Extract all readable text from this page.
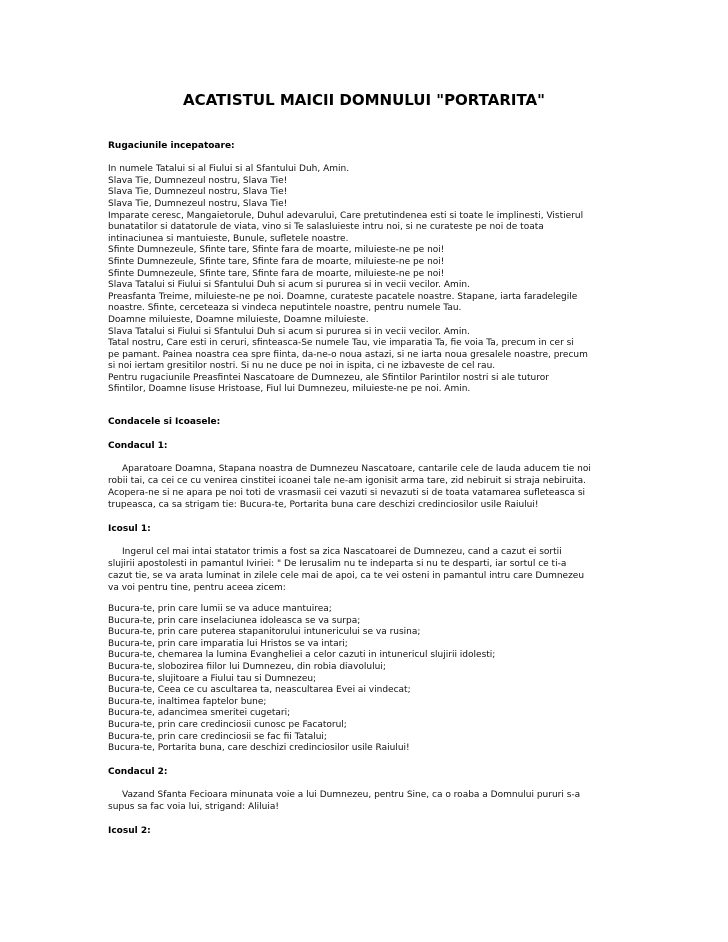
ACATISTUL MAICII DOMNULUI "PORTARITA"
Rugaciunile incepatoare:
In numele Tatalui si al Fiului si al Sfantului Duh, Amin.
Slava Tie, Dumnezeul nostru, Slava Tie!
Slava Tie, Dumnezeul nostru, Slava Tie!
Slava Tie, Dumnezeul nostru, Slava Tie!
Imparate ceresc, Mangaietorule, Duhul adevarului, Care pretutindenea esti si toate le implinesti, Vistierul
bunatatilor si datatorule de viata, vino si Te salasluieste intru noi, si ne curateste pe noi de toata
intinaciunea si mantuieste, Bunule, sufletele noastre.
Sfinte Dumnezeule, Sfinte tare, Sfinte fara de moarte, miluieste-ne pe noi!
Sfinte Dumnezeule, Sfinte tare, Sfinte fara de moarte, miluieste-ne pe noi!
Sfinte Dumnezeule, Sfinte tare, Sfinte fara de moarte, miluieste-ne pe noi!
Slava Tatalui si Fiului si Sfantului Duh si acum si pururea si in vecii vecilor. Amin.
Preasfanta Treime, miluieste-ne pe noi. Doamne, curateste pacatele noastre. Stapane, iarta faradelegile
noastre. Sfinte, cerceteaza si vindeca neputintele noastre, pentru numele Tau.
Doamne miluieste, Doamne miluieste, Doamne miluieste.
Slava Tatalui si Fiului si Sfantului Duh si acum si pururea si in vecii vecilor. Amin.
Tatal nostru, Care esti in ceruri, sfinteasca-Se numele Tau, vie imparatia Ta, fie voia Ta, precum in cer si
pe pamant. Painea noastra cea spre fiinta, da-ne-o noua astazi, si ne iarta noua gresalele noastre, precum
si noi iertam gresitilor nostri. Si nu ne duce pe noi in ispita, ci ne izbaveste de cel rau.
Pentru rugaciunile Preasfintei Nascatoare de Dumnezeu, ale Sfintilor Parintilor nostri si ale tuturor
Sfintilor, Doamne Iisuse Hristoase, Fiul lui Dumnezeu, miluieste-ne pe noi. Amin.
Condacele si Icoasele:
Condacul 1:
Aparatoare Doamna, Stapana noastra de Dumnezeu Nascatoare, cantarile cele de lauda aducem tie noi
robii tai, ca cei ce cu venirea cinstitei icoanei tale ne-am igonisit arma tare, zid nebiruit si straja nebiruita.
Acopera-ne si ne apara pe noi toti de vrasmasii cei vazuti si nevazuti si de toata vatamarea sufleteasca si
trupeasca, ca sa strigam tie: Bucura-te, Portarita buna care deschizi credinciosilor usile Raiului!
Icosul 1:
Ingerul cel mai intai statator trimis a fost sa zica Nascatoarei de Dumnezeu, cand a cazut ei sortii
slujirii apostolesti in pamantul Iviriei: " De Ierusalim nu te indeparta si nu te desparti, iar sortul ce ti-a
cazut tie, se va arata luminat in zilele cele mai de apoi, ca te vei osteni in pamantul intru care Dumnezeu
va voi pentru tine, pentru aceea zicem:
Bucura-te, prin care lumii se va aduce mantuirea;
Bucura-te, prin care inselaciunea idoleasca se va surpa;
Bucura-te, prin care puterea stapanitorului intunericului se va rusina;
Bucura-te, prin care imparatia lui Hristos se va intari;
Bucura-te, chemarea la lumina Evangheliei a celor cazuti in intunericul slujirii idolesti;
Bucura-te, slobozirea fiilor lui Dumnezeu, din robia diavolului;
Bucura-te, slujitoare a Fiului tau si Dumnezeu;
Bucura-te, Ceea ce cu ascultarea ta, neascultarea Evei ai vindecat;
Bucura-te, inaltimea faptelor bune;
Bucura-te, adancimea smeritei cugetari;
Bucura-te, prin care credinciosii cunosc pe Facatorul;
Bucura-te, prin care credinciosii se fac fii Tatalui;
Bucura-te, Portarita buna, care deschizi credinciosilor usile Raiului!
Condacul 2:
Vazand Sfanta Fecioara minunata voie a lui Dumnezeu, pentru Sine, ca o roaba a Domnului pururi s-a
supus sa fac voia lui, strigand: Aliluia!
Icosul 2:
